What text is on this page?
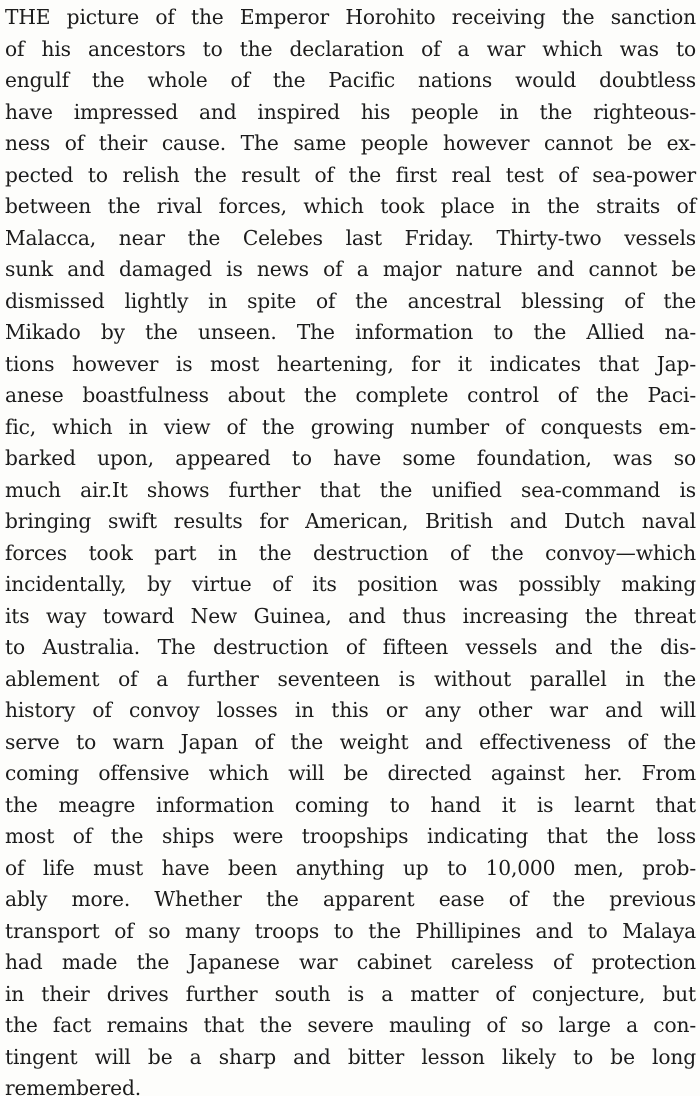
THE picture of the Emperor Horohito receiving the sanction
of his ancestors to the declaration of a war which was to
engulf the whole of the Pacific nations would doubtless
have impressed and inspired his people in the righteous-
ness of their cause. The same people however cannot be ex-
pected to relish the result of the first real test of sea-power
between the rival forces, which took place in the straits of
Malacca, near the Celebes last Friday. Thirty-two vessels
sunk and damaged is news of a major nature and cannot be
dismissed lightly in spite of the ancestral blessing of the
Mikado by the unseen. The information to the Allied na-
tions however is most heartening, for it indicates that Jap-
anese boastfulness about the complete control of the Paci-
fic, which in view of the growing number of conquests em-
barked upon, appeared to have some foundation, was so
much air.It shows further that the unified sea-command is
bringing swift results for American, British and Dutch naval
forces took part in the destruction of the convoy—which
incidentally, by virtue of its position was possibly making
its way toward New Guinea, and thus increasing the threat
to Australia. The destruction of fifteen vessels and the dis-
ablement of a further seventeen is without parallel in the
history of convoy losses in this or any other war and will
serve to warn Japan of the weight and effectiveness of the
coming offensive which will be directed against her. From
the meagre information coming to hand it is learnt that
most of the ships were troopships indicating that the loss
of life must have been anything up to 10,000 men, prob-
ably more. Whether the apparent ease of the previous
transport of so many troops to the Phillipines and to Malaya
had made the Japanese war cabinet careless of protection
in their drives further south is a matter of conjecture, but
the fact remains that the severe mauling of so large a con-
tingent will be a sharp and bitter lesson likely to be long
remembered.
